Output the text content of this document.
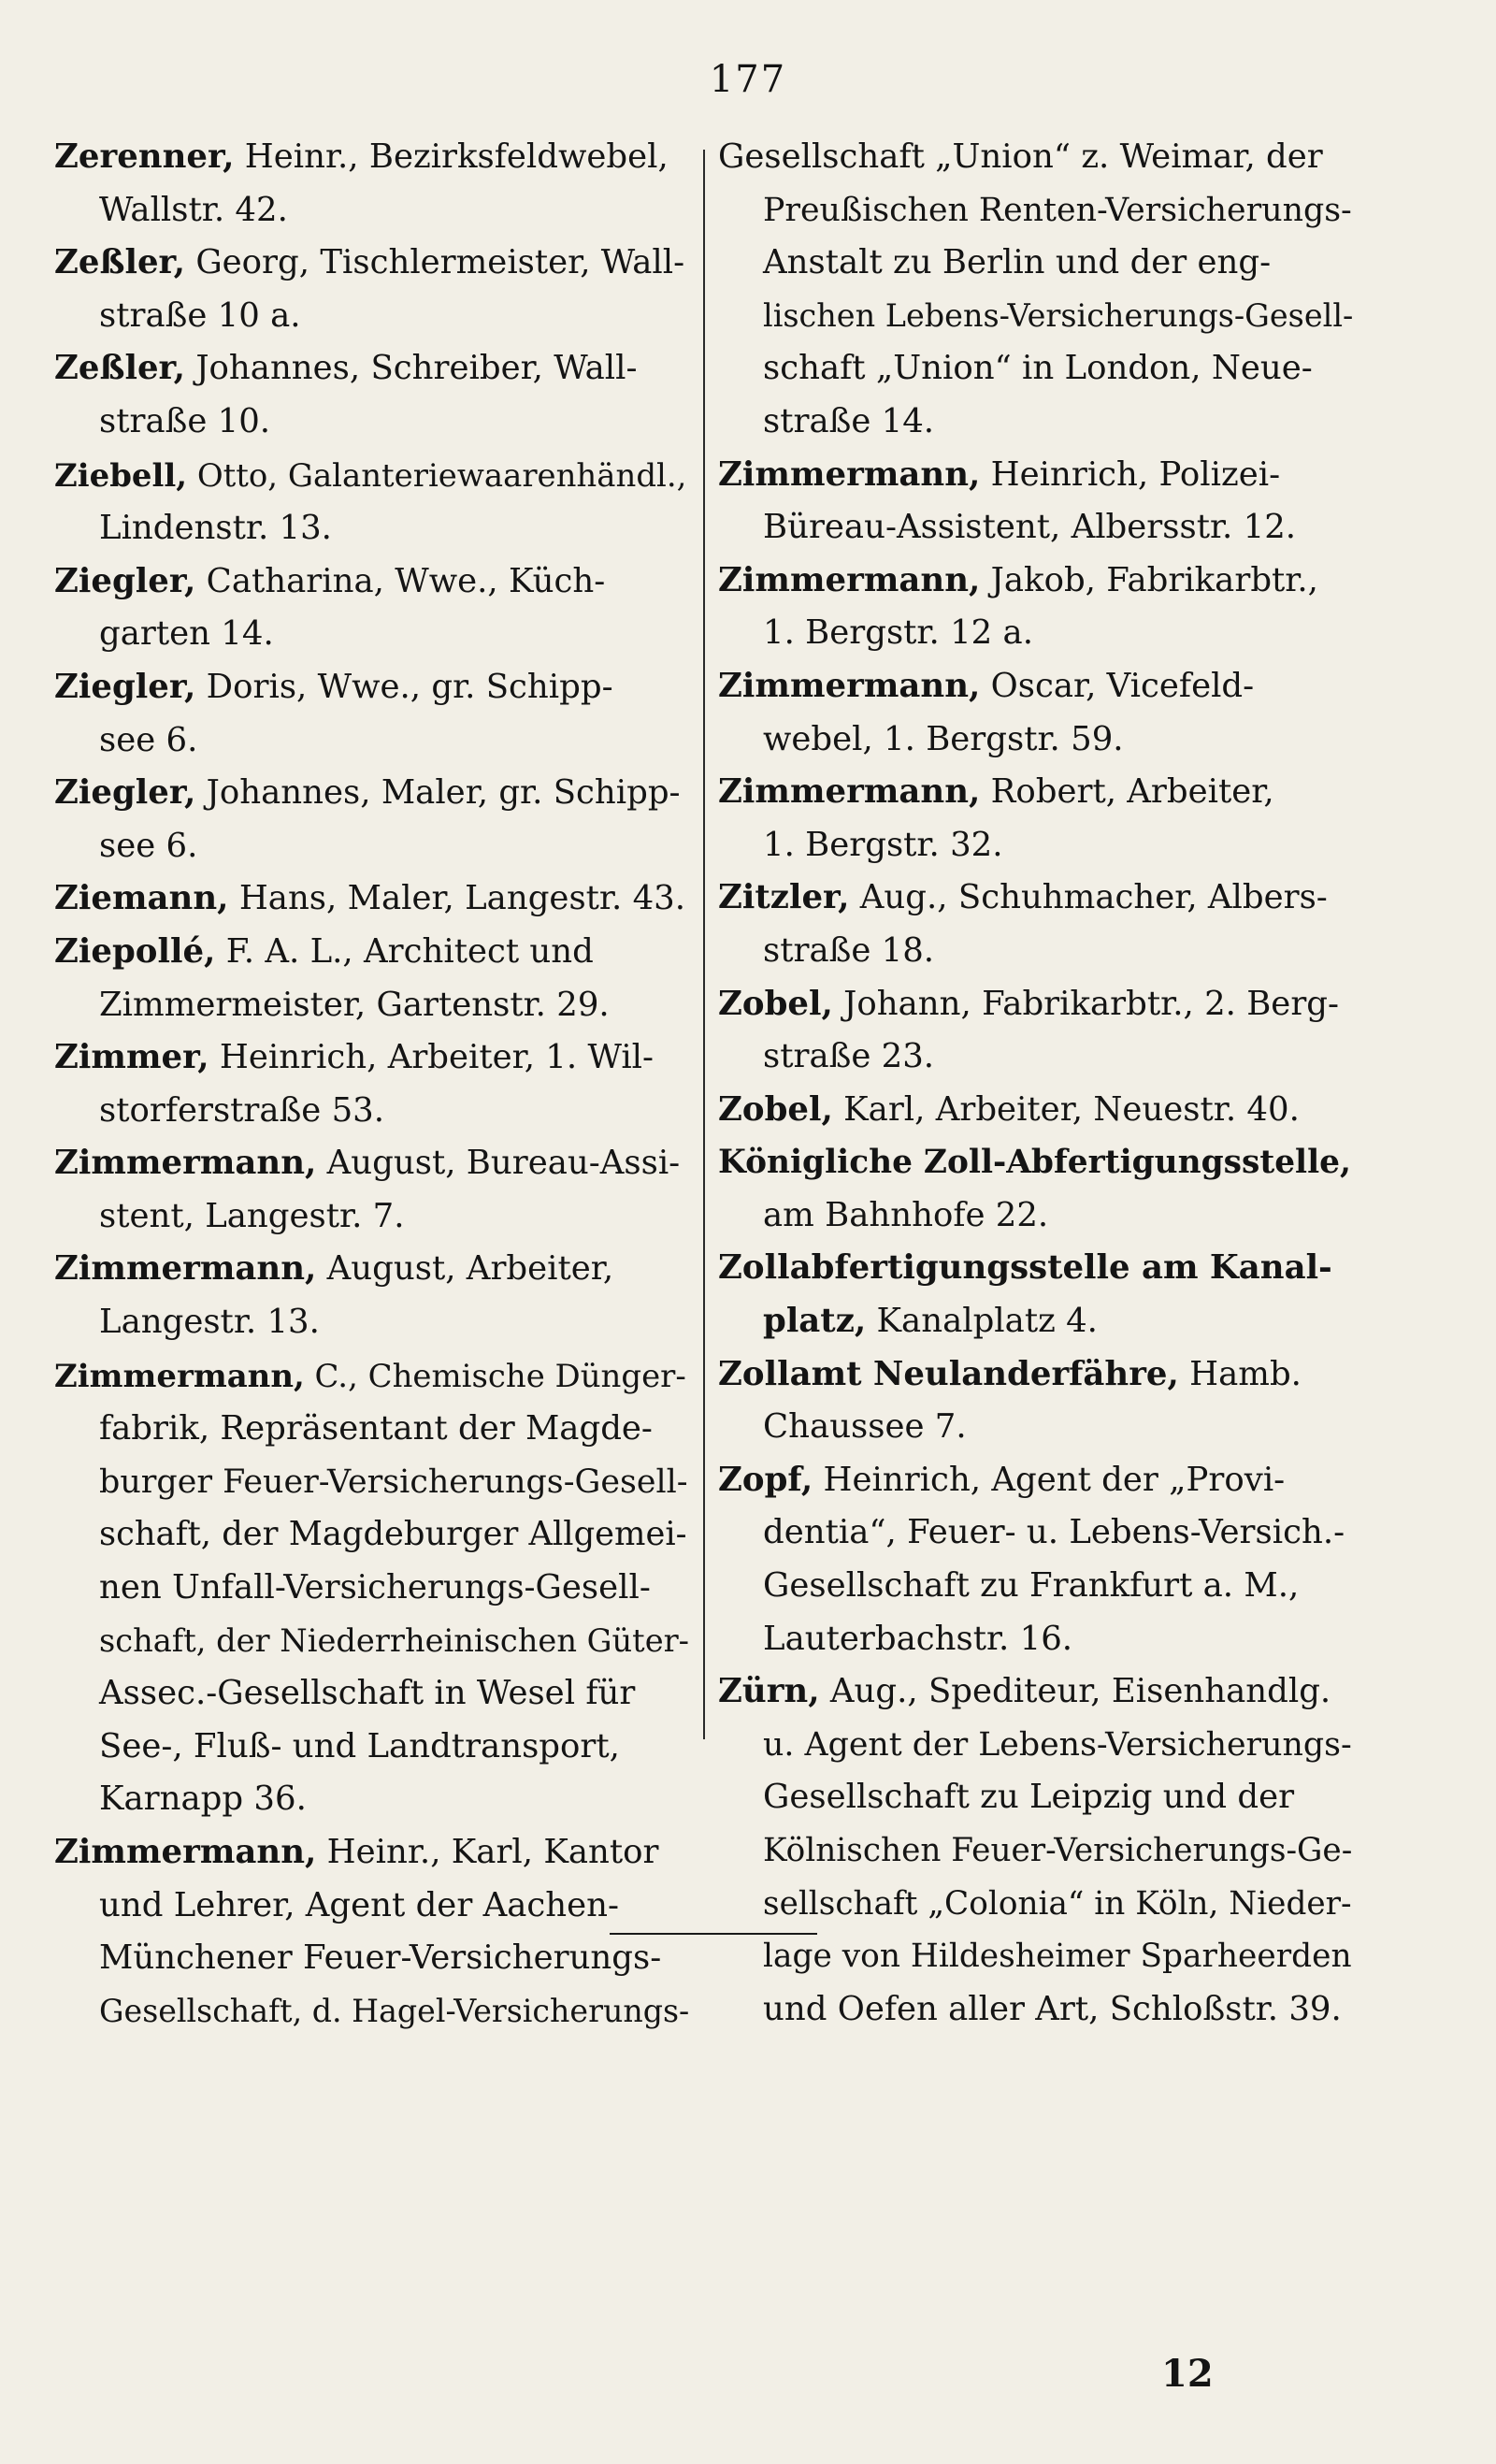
177
Zerenner, Heinr., Bezirksfeldwebel,
Wallstr. 42.
Zeßler, Georg, Tischlermeister, Wall-
straße 10 a.
Zeßler, Johannes, Schreiber, Wall-
straße 10.
Ziebell, Otto, Galanteriewaarenhändl.,
Lindenstr. 13.
Ziegler, Catharina, Wwe., Küch-
garten 14.
Ziegler, Doris, Wwe., gr. Schipp-
see 6.
Ziegler, Johannes, Maler, gr. Schipp-
see 6.
Ziemann, Hans, Maler, Langestr. 43.
Ziepollé, F. A. L., Architect und
Zimmermeister, Gartenstr. 29.
Zimmer, Heinrich, Arbeiter, 1. Wil-
storferstraße 53.
Zimmermann, August, Bureau-Assi-
stent, Langestr. 7.
Zimmermann, August, Arbeiter,
Langestr. 13.
Zimmermann, C., Chemische Dünger-
fabrik, Repräsentant der Magde-
burger Feuer-Versicherungs-Gesell-
schaft, der Magdeburger Allgemei-
nen Unfall-Versicherungs-Gesell-
schaft, der Niederrheinischen Güter-
Assec.-Gesellschaft in Wesel für
See-, Fluß- und Landtransport,
Karnapp 36.
Zimmermann, Heinr., Karl, Kantor
und Lehrer, Agent der Aachen-
Münchener Feuer-Versicherungs-
Gesellschaft, d. Hagel-Versicherungs-
Gesellschaft „Union“ z. Weimar, der
Preußischen Renten-Versicherungs-
Anstalt zu Berlin und der eng-
lischen Lebens-Versicherungs-Gesell-
schaft „Union“ in London, Neue-
straße 14.
Zimmermann, Heinrich, Polizei-
Büreau-Assistent, Albersstr. 12.
Zimmermann, Jakob, Fabrikarbtr.,
1. Bergstr. 12 a.
Zimmermann, Oscar, Vicefeld-
webel, 1. Bergstr. 59.
Zimmermann, Robert, Arbeiter,
1. Bergstr. 32.
Zitzler, Aug., Schuhmacher, Albers-
straße 18.
Zobel, Johann, Fabrikarbtr., 2. Berg-
straße 23.
Zobel, Karl, Arbeiter, Neuestr. 40.
Königliche Zoll-Abfertigungsstelle,
am Bahnhofe 22.
Zollabfertigungsstelle am Kanal-
platz, Kanalplatz 4.
Zollamt Neulanderfähre, Hamb.
Chaussee 7.
Zopf, Heinrich, Agent der „Provi-
dentia“, Feuer- u. Lebens-Versich.-
Gesellschaft zu Frankfurt a. M.,
Lauterbachstr. 16.
Zürn, Aug., Spediteur, Eisenhandlg.
u. Agent der Lebens-Versicherungs-
Gesellschaft zu Leipzig und der
Kölnischen Feuer-Versicherungs-Ge-
sellschaft „Colonia“ in Köln, Nieder-
lage von Hildesheimer Sparheerden
und Oefen aller Art, Schloßstr. 39.
12
